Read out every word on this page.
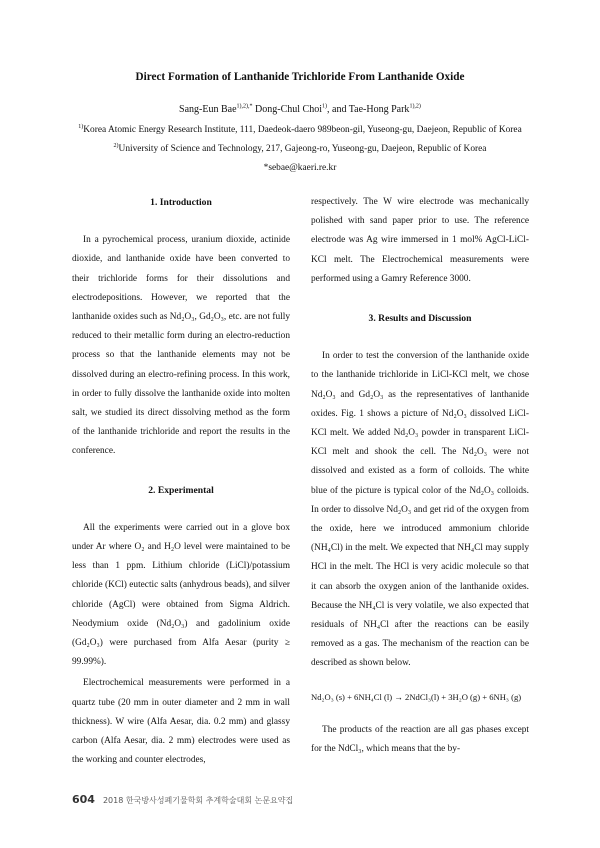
Direct Formation of Lanthanide Trichloride From Lanthanide Oxide
Sang-Eun Bae$^{1),2),*}$ Dong-Chul Choi$^{1)}$, and Tae-Hong Park$^{1),2)}$
$^{1)}$Korea Atomic Energy Research Institute, 111, Daedeok-daero 989beon-gil, Yuseong-gu, Daejeon, Republic of Korea
$^{2)}$University of Science and Technology, 217, Gajeong-ro, Yuseong-gu, Daejeon, Republic of Korea
*sebae@kaeri.re.kr

1. Introduction

In a pyrochemical process, uranium dioxide, actinide dioxide, and lanthanide oxide have been converted to their trichloride forms for their dissolutions and electrodepositions. However, we reported that the lanthanide oxides such as Nd₂O₃, Gd₂O₃, etc. are not fully reduced to their metallic form during an electro-reduction process so that the lanthanide elements may not be dissolved during an electro-refining process. In this work, in order to fully dissolve the lanthanide oxide into molten salt, we studied its direct dissolving method as the form of the lanthanide trichloride and report the results in the conference.

2. Experimental

All the experiments were carried out in a glove box under Ar where O₂ and H₂O level were maintained to be less than 1 ppm. Lithium chloride (LiCl)/potassium chloride (KCl) eutectic salts (anhydrous beads), and silver chloride (AgCl) were obtained from Sigma Aldrich. Neodymium oxide (Nd₂O₃) and gadolinium oxide (Gd₂O₃) were purchased from Alfa Aesar (purity ≥ 99.99%).

Electrochemical measurements were performed in a quartz tube (20 mm in outer diameter and 2 mm in wall thickness). W wire (Alfa Aesar, dia. 0.2 mm) and glassy carbon (Alfa Aesar, dia. 2 mm) electrodes were used as the working and counter electrodes,

respectively. The W wire electrode was mechanically polished with sand paper prior to use. The reference electrode was Ag wire immersed in 1 mol% AgCl-LiCl-KCl melt. The Electrochemical measurements were performed using a Gamry Reference 3000.

3. Results and Discussion

In order to test the conversion of the lanthanide oxide to the lanthanide trichloride in LiCl-KCl melt, we chose Nd₂O₃ and Gd₂O₃ as the representatives of lanthanide oxides. Fig. 1 shows a picture of Nd₂O₃ dissolved LiCl-KCl melt. We added Nd₂O₃ powder in transparent LiCl-KCl melt and shook the cell. The Nd₂O₃ were not dissolved and existed as a form of colloids. The white blue of the picture is typical color of the Nd₂O₃ colloids. In order to dissolve Nd₂O₃ and get rid of the oxygen from the oxide, here we introduced ammonium chloride (NH₄Cl) in the melt. We expected that NH₄Cl may supply HCl in the melt. The HCl is very acidic molecule so that it can absorb the oxygen anion of the lanthanide oxides. Because the NH₄Cl is very volatile, we also expected that residuals of NH₄Cl after the reactions can be easily removed as a gas. The mechanism of the reaction can be described as shown below.

Nd₂O₃ (s) + 6NH₄Cl (l) → 2NdCl₃(l) + 3H₂O (g) + 6NH₃ (g)

The products of the reaction are all gas phases except for the NdCl₃, which means that the by-

604 2018 한국방사성폐기물학회 추계학술대회 논문요약집
